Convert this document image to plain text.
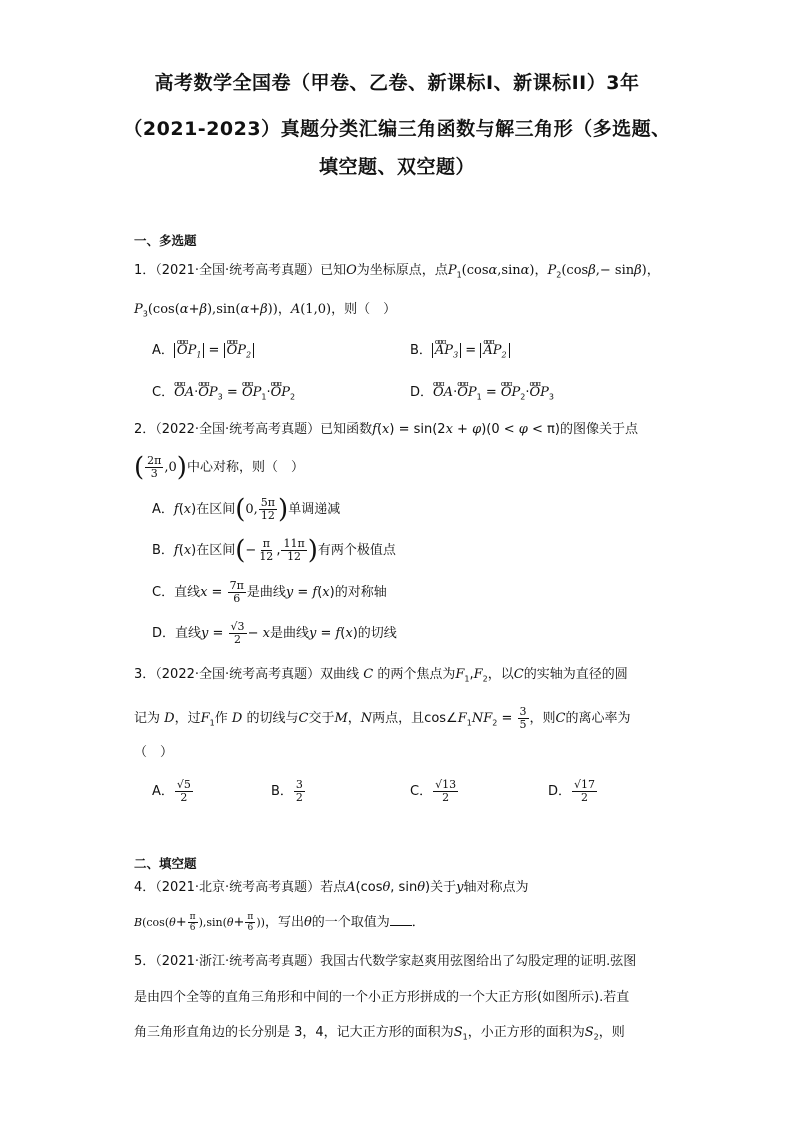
高考数学全国卷（甲卷、乙卷、新课标Ⅰ、新课标II）3年
（2021-2023）真题分类汇编三角函数与解三角形（多选题、
填空题、双空题）
一、多选题
1．（2021·全国·统考高考真题）已知O为坐标原点，点$P_1(\cos\alpha,\sin\alpha)$，$P_2(\cos\beta,- \sin\beta)$，
$P_3(\cos(\alpha+\beta),\sin(\alpha+\beta))$，A(1,0)，则（　）
A． ɑɑɑ $OP_1$ = ɑɑɑ $OP_2$	B． ɑɑɑ $AP_3$ = ɑɑɑ $AP_2$
C．ɑɑɑ OA·ɑɑɑ $OP_3$ = ɑɑɑ $OP_1\cdot ɑɑɑ$ $OP_2$	D．ɑɑɑ OA·ɑɑɑ $OP_1$ = ɑɑɑ $OP_2\cdot ɑɑɑ$ $OP_3$
2．（2022·全国·统考高考真题）已知函数f(x) = sin(2x + φ)(0 < φ < π)的图像关于点
( $\frac{2\pi}{3} ,0$)中心对称，则（　）
A．f(x)在区间(0, $\frac{5\pi}{12}$ )单调递减
B．f(x)在区间(− $\frac{\pi}{12}$ , $\frac{11\pi}{12}$ )有两个极值点
C．直线$x = \frac{7\pi}{6}$ 是曲线y = f(x)的对称轴
D．直线$y = \frac{√3}{2} - x$是曲线y = f(x)的切线
3．（2022·全国·统考高考真题）双曲线 C 的两个焦点为$F_1,F_2$，以C的实轴为直径的圆
记为 D，过$F_1$作 D 的切线与C交于M，N两点，且$\cos\angle F_1NF_2 = \frac{3}{5}$ ，则C的离心率为
（　）
A． $\frac{√5}{2}$	B． $\frac{3}{2}$	C． $\frac{√13}{2}$	D． $\frac{√17}{2}$
二、填空题
4．（2021·北京·统考高考真题）若点A(cosθ, sinθ)关于y轴对称点为
$B(\cos(\theta+ \frac{\pi}{6} ),\sin(\theta+ \frac{\pi}{6}$ ))，写出θ的一个取值为 ．
5．（2021·浙江·统考高考真题）我国古代数学家赵爽用弦图给出了勾股定理的证明.弦图
是由四个全等的直角三角形和中间的一个小正方形拼成的一个大正方形(如图所示).若直
角三角形直角边的长分别是 3，4，记大正方形的面积为$S_1$，小正方形的面积为$S_2$，则
